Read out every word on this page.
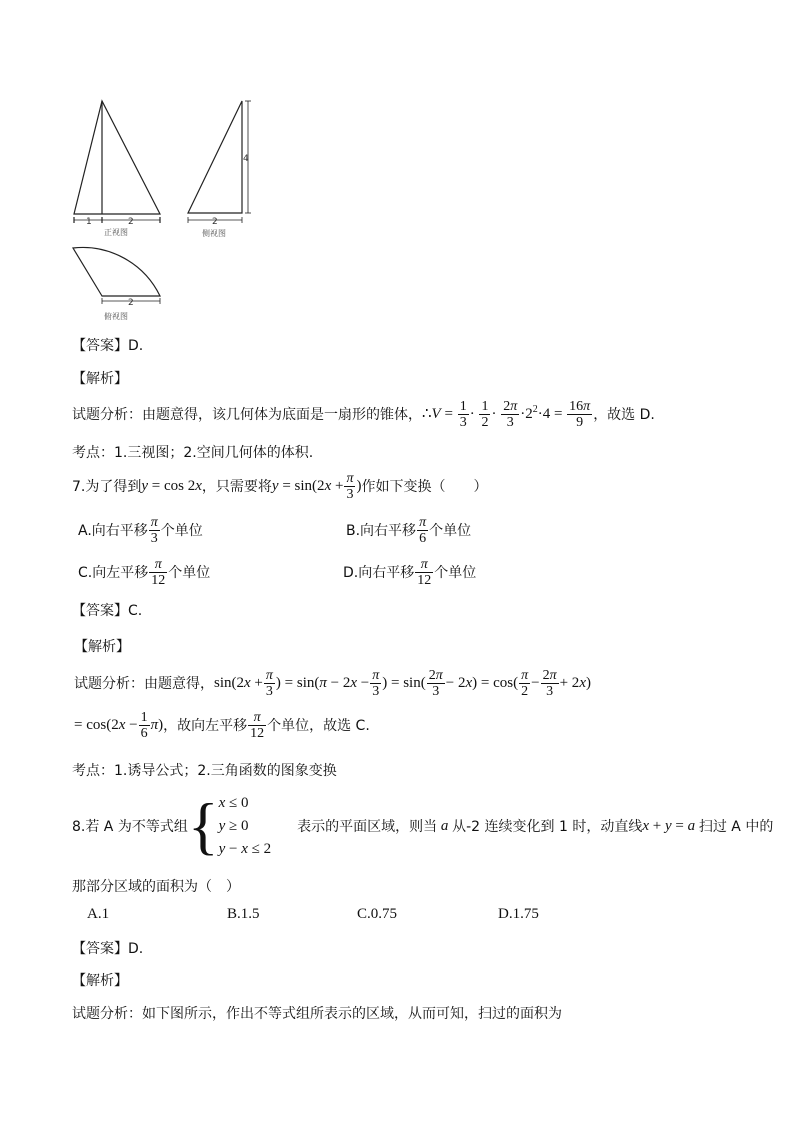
1	2
正视图
4
2
侧视图
2
俯视图
【答案】D.
【解析】
试题分析：由题意得，该几何体为底面是一扇形的锥体， ∴V = $\frac{1}{3} \cdot \frac{1}{2} \cdot \frac{2\pi}{3} \cdot 2^2\cdot 4 = \frac{16\pi}{9}$ ，故选 D.
考点：1.三视图；2.空间几何体的体积.
7.为了得到 y = cos 2x ，只需要将 $y = \sin(2x + \frac{\pi}{3}$ ) 作如下变换（　　）
A.向右平移 $\frac{\pi}{3}$ 个单位	B.向右平移 $\frac{\pi}{6}$ 个单位
C.向左平移 $\frac{\pi}{12}$ 个单位	D.向右平移 $\frac{\pi}{12}$ 个单位
【答案】C.
【解析】
试题分析：由题意得， $\sin(2x + \frac{\pi}{3}$ ) = $\sin(\pi - 2x - \frac{\pi}{3}$ ) = $\sin( \frac{2\pi}{3} - 2x) = \cos( \frac{\pi}{2} - \frac{2\pi}{3} + 2x)$
= $\cos(2x - \frac{1}{6} \pi)$ ，故向左平移 $\frac{\pi}{12}$ 个单位，故选 C.
考点：1.诱导公式；2.三角函数的图象变换
8.若 A 为不等式组 { x ≤ 0
y ≥ 0
y − x ≤ 2
表示的平面区域，则当 a 从-2 连续变化到 1 时，动直线 x + y = a 扫过 A 中的
那部分区域的面积为（　）
A.1	B.1.5	C.0.75	D.1.75
【答案】D.
【解析】
试题分析：如下图所示，作出不等式组所表示的区域，从而可知，扫过的面积为
